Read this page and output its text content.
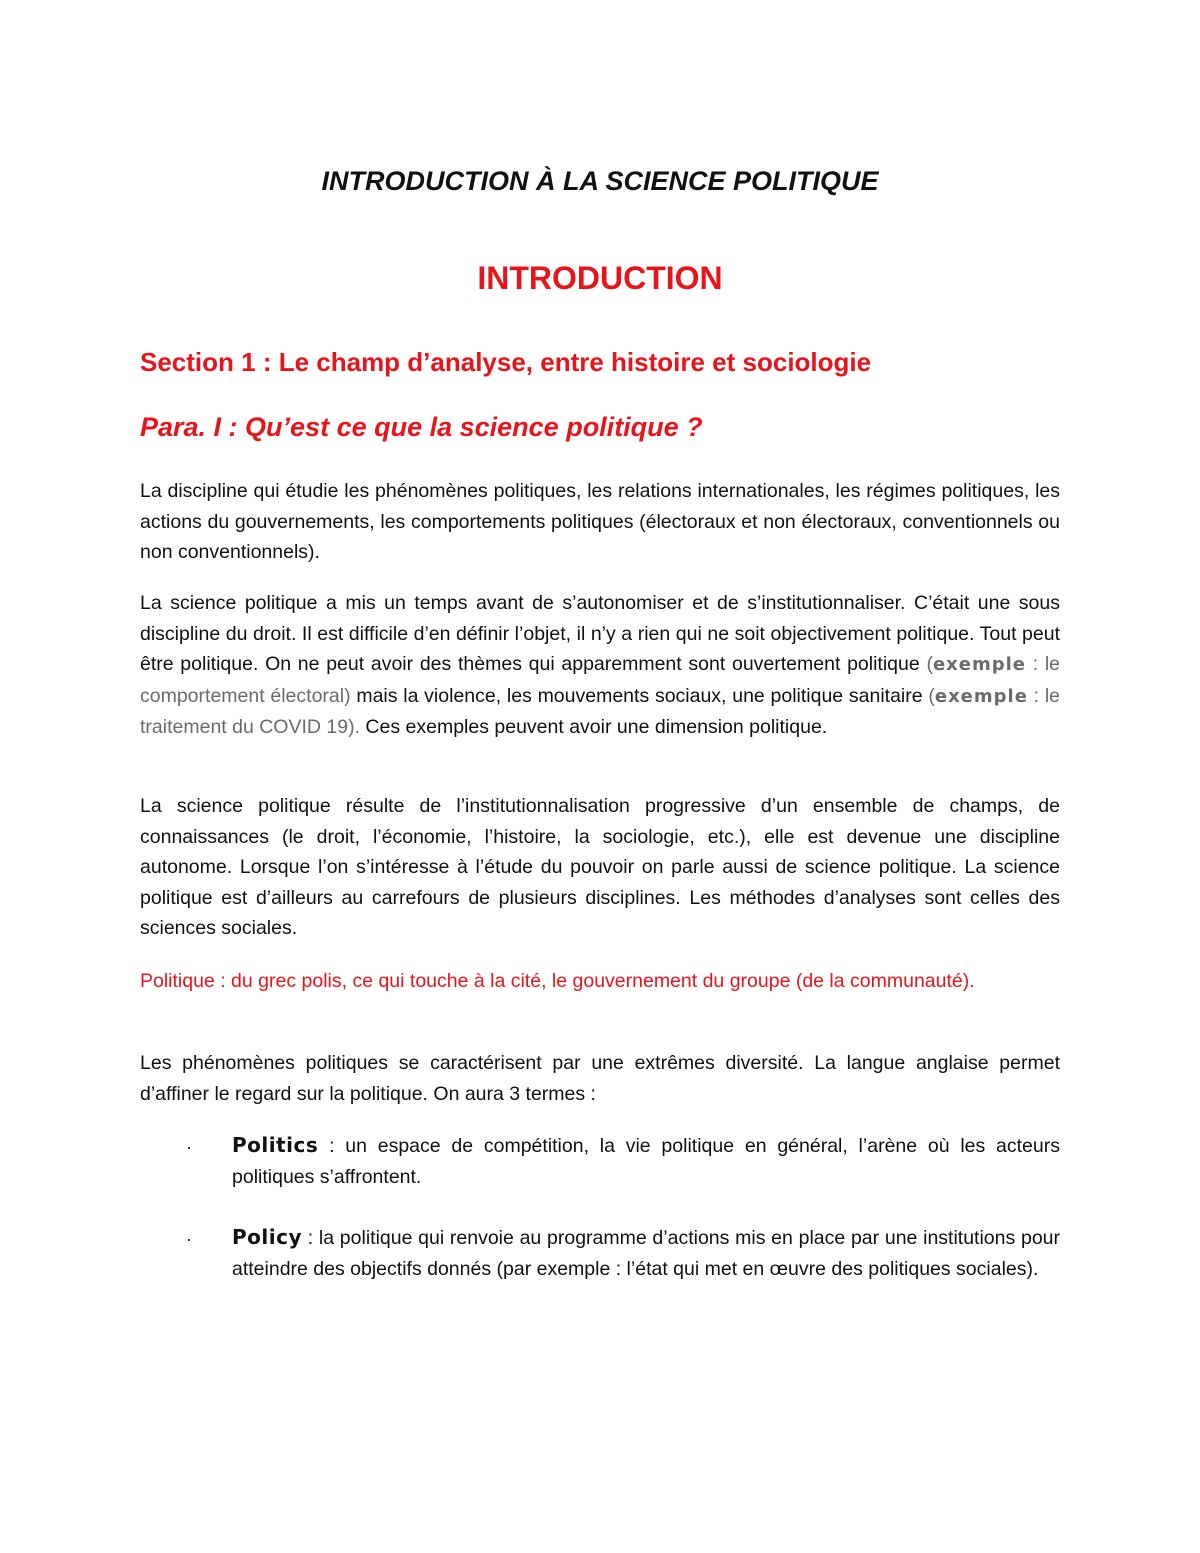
INTRODUCTION À LA SCIENCE POLITIQUE
INTRODUCTION
Section 1 : Le champ d’analyse, entre histoire et sociologie
Para. I : Qu’est ce que la science politique ?
La discipline qui étudie les phénomènes politiques, les relations internationales, les régimes politiques, les actions du gouvernements, les comportements politiques (électoraux et non électoraux, conventionnels ou non conventionnels).
La science politique a mis un temps avant de s’autonomiser et de s’institutionnaliser. C’était une sous discipline du droit. Il est difficile d’en définir l’objet, il n’y a rien qui ne soit objectivement politique. Tout peut être politique. On ne peut avoir des thèmes qui apparemment sont ouvertement politique (exemple : le comportement électoral) mais la violence, les mouvements sociaux, une politique sanitaire (exemple : le traitement du COVID 19). Ces exemples peuvent avoir une dimension politique.
La science politique résulte de l’institutionnalisation progressive d’un ensemble de champs, de connaissances (le droit, l’économie, l’histoire, la sociologie, etc.), elle est devenue une discipline autonome. Lorsque l’on s’intéresse à l’étude du pouvoir on parle aussi de science politique. La science politique est d’ailleurs au carrefours de plusieurs disciplines. Les méthodes d’analyses sont celles des sciences sociales.
Politique : du grec polis, ce qui touche à la cité, le gouvernement du groupe (de la communauté).
Les phénomènes politiques se caractérisent par une extrêmes diversité. La langue anglaise permet d’affiner le regard sur la politique. On aura 3 termes :
· Politics : un espace de compétition, la vie politique en général, l’arène où les acteurs politiques s’affrontent.
· Policy : la politique qui renvoie au programme d’actions mis en place par une institutions pour atteindre des objectifs donnés (par exemple : l’état qui met en œuvre des politiques sociales).
